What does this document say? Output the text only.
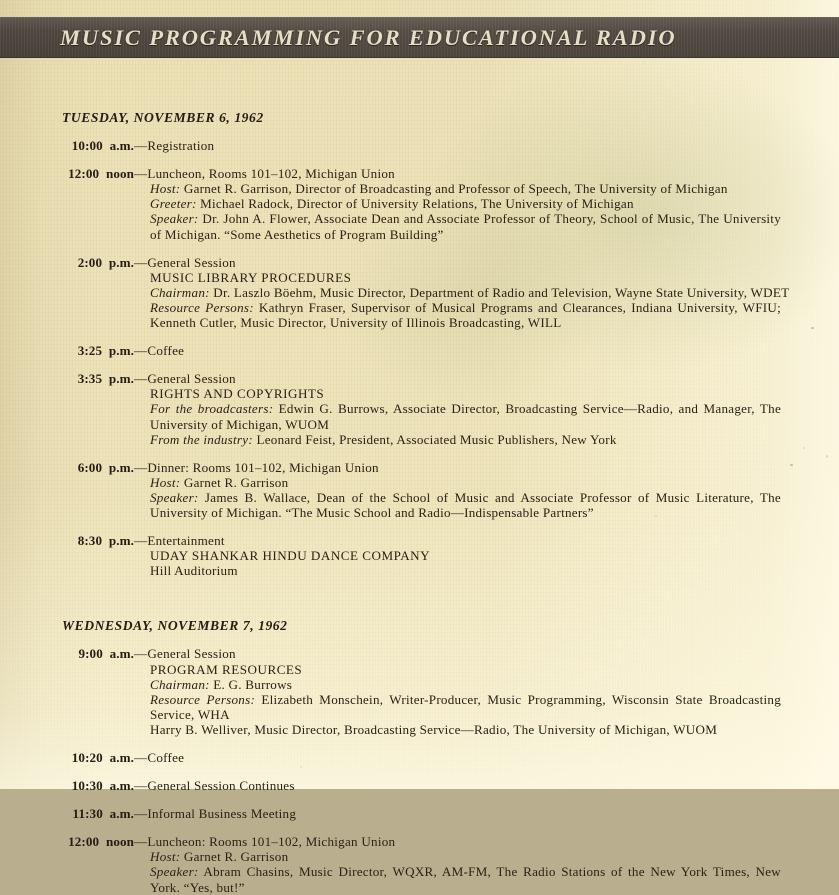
MUSIC PROGRAMMING FOR EDUCATIONAL RADIO
TUESDAY, NOVEMBER 6, 1962
10:00 a.m.—Registration
12:00 noon—Luncheon, Rooms 101–102, Michigan Union
Host: Garnet R. Garrison, Director of Broadcasting and Professor of Speech, The University of Michigan
Greeter: Michael Radock, Director of University Relations, The University of Michigan
Speaker: Dr. John A. Flower, Associate Dean and Associate Professor of Theory, School of Music, The University of Michigan. “Some Aesthetics of Program Building”
2:00 p.m.—General Session
MUSIC LIBRARY PROCEDURES
Chairman: Dr. Laszlo Böehm, Music Director, Department of Radio and Television, Wayne State University, WDET
Resource Persons: Kathryn Fraser, Supervisor of Musical Programs and Clearances, Indiana University, WFIU; Kenneth Cutler, Music Director, University of Illinois Broadcasting, WILL
3:25 p.m.—Coffee
3:35 p.m.—General Session
RIGHTS AND COPYRIGHTS
For the broadcasters: Edwin G. Burrows, Associate Director, Broadcasting Service—Radio, and Manager, The University of Michigan, WUOM
From the industry: Leonard Feist, President, Associated Music Publishers, New York
6:00 p.m.—Dinner: Rooms 101–102, Michigan Union
Host: Garnet R. Garrison
Speaker: James B. Wallace, Dean of the School of Music and Associate Professor of Music Literature, The University of Michigan. “The Music School and Radio—Indispensable Partners”
8:30 p.m.—Entertainment
UDAY SHANKAR HINDU DANCE COMPANY
Hill Auditorium
WEDNESDAY, NOVEMBER 7, 1962
9:00 a.m.—General Session
PROGRAM RESOURCES
Chairman: E. G. Burrows
Resource Persons: Elizabeth Monschein, Writer-Producer, Music Programming, Wisconsin State Broadcasting Service, WHA
Harry B. Welliver, Music Director, Broadcasting Service—Radio, The University of Michigan, WUOM
10:20 a.m.—Coffee
10:30 a.m.—General Session Continues
11:30 a.m.—Informal Business Meeting
12:00 noon—Luncheon: Rooms 101–102, Michigan Union
Host: Garnet R. Garrison
Speaker: Abram Chasins, Music Director, WQXR, AM-FM, The Radio Stations of the New York Times, New York. “Yes, but!”
